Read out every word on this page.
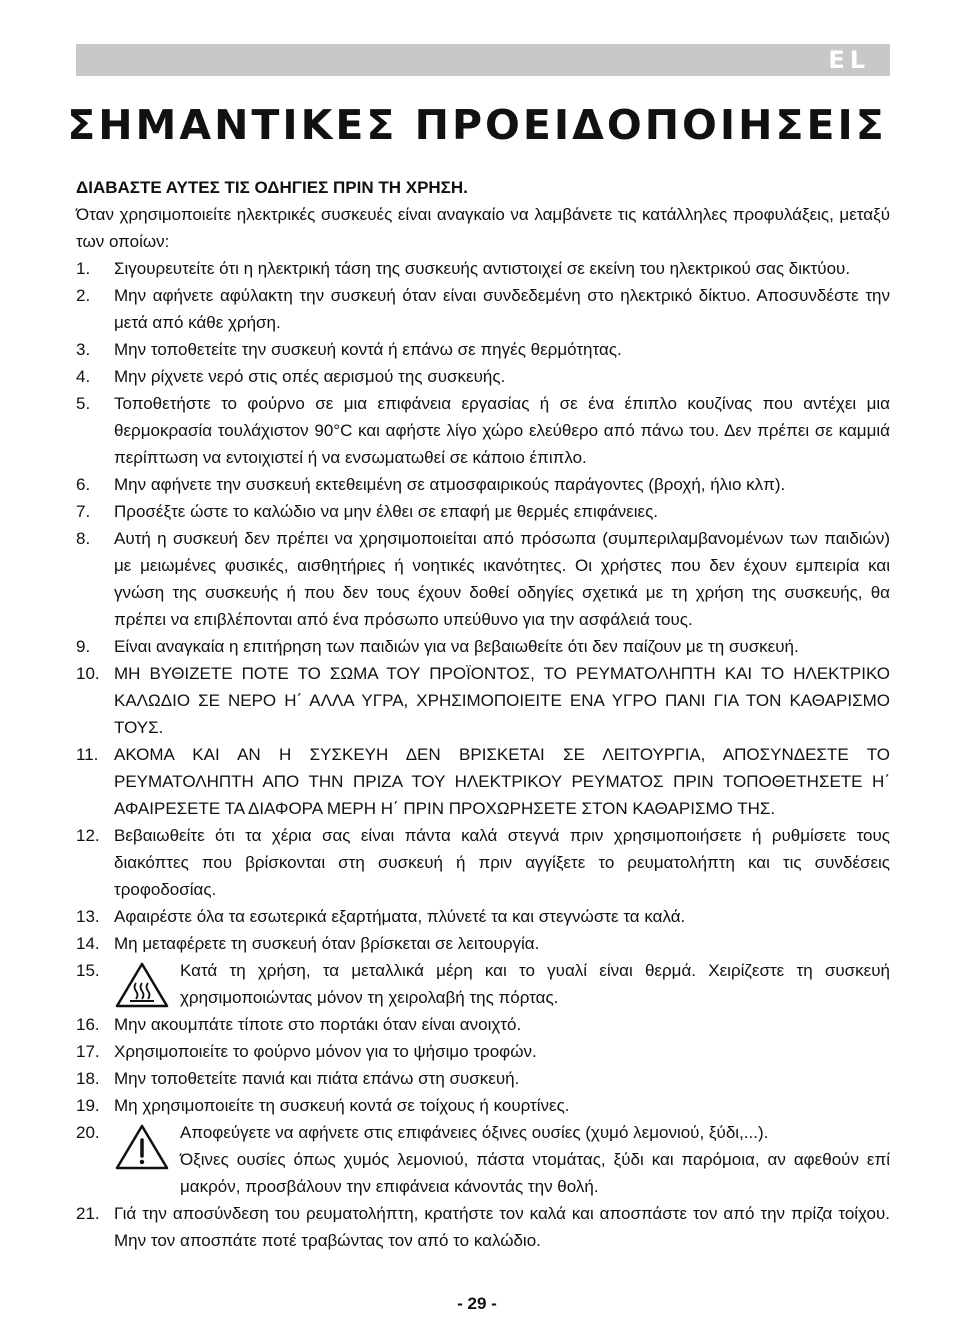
EL
ΣΗΜΑΝΤΙΚΕΣ ΠΡΟΕΙΔΟΠΟΙΗΣΕΙΣ
ΔΙΑΒΑΣΤΕ ΑΥΤΕΣ ΤΙΣ ΟΔΗΓΙΕΣ ΠΡΙΝ ΤΗ ΧΡΗΣΗ.
Όταν χρησιμοποιείτε ηλεκτρικές συσκευές είναι αναγκαίο να λαμβάνετε τις κατάλληλες προφυλάξεις, μεταξύ των οποίων:
1.	Σιγουρευτείτε ότι η ηλεκτρική τάση της συσκευής αντιστοιχεί σε εκείνη του ηλεκτρικού σας δικτύου.
2.	Μην αφήνετε αφύλακτη την συσκευή όταν είναι συνδεδεμένη στο ηλεκτρικό δίκτυο. Αποσυνδέστε την μετά από κάθε χρήση.
3.	Μην τοποθετείτε την συσκευή κοντά ή επάνω σε πηγές θερμότητας.
4.	Μην ρίχνετε νερό στις οπές αερισμού της συσκευής.
5.	Τοποθετήστε το φούρνο σε μια επιφάνεια εργασίας ή σε ένα έπιπλο κουζίνας που αντέχει μια θερμοκρασία τουλάχιστον 90°C και αφήστε λίγο χώρο ελεύθερο από πάνω του. Δεν πρέπει σε καμμιά περίπτωση να εντοιχιστεί ή να ενσωματωθεί σε κάποιο έπιπλο.
6.	Μην αφήνετε την συσκευή εκτεθειμένη σε ατμοσφαιρικούς παράγοντες (βροχή, ήλιο κλπ).
7.	Προσέξτε ώστε το καλώδιο να μην έλθει σε επαφή με θερμές επιφάνειες.
8.	Αυτή η συσκευή δεν πρέπει να χρησιμοποιείται από πρόσωπα (συμπεριλαμβανομένων των παιδιών) με μειωμένες φυσικές, αισθητήριες ή νοητικές ικανότητες. Οι χρήστες που δεν έχουν εμπειρία και γνώση της συσκευής ή που δεν τους έχουν δοθεί οδηγίες σχετικά με τη χρήση της συσκευής, θα πρέπει να επιβλέπονται από ένα πρόσωπο υπεύθυνο για την ασφάλειά τους.
9.	Είναι αναγκαία η επιτήρηση των παιδιών για να βεβαιωθείτε ότι δεν παίζουν με τη συσκευή.
10. ΜΗ ΒΥΘΙΖΕΤΕ ΠΟΤΕ ΤΟ ΣΩΜΑ ΤΟΥ ΠΡΟΪΟΝΤΟΣ, ΤΟ ΡΕΥΜΑΤΟΛΗΠΤΗ ΚΑΙ ΤΟ ΗΛΕΚΤΡΙΚΟ ΚΑΛΩΔΙΟ ΣΕ ΝΕΡΟ Η΄ ΑΛΛΑ ΥΓΡΑ, ΧΡΗΣΙΜΟΠΟΙΕΙΤΕ ΕΝΑ ΥΓΡΟ ΠΑΝΙ ΓΙΑ ΤΟΝ ΚΑΘΑΡΙΣΜΟ ΤΟΥΣ.
11. ΑΚΟΜΑ ΚΑΙ ΑΝ Η ΣΥΣΚΕΥΗ ΔΕΝ ΒΡΙΣΚΕΤΑΙ ΣΕ ΛΕΙΤΟΥΡΓΙΑ, ΑΠΟΣΥΝΔΕΣΤΕ ΤΟ ΡΕΥΜΑΤΟΛΗΠΤΗ ΑΠΟ ΤΗΝ ΠΡΙΖΑ ΤΟΥ ΗΛΕΚΤΡΙΚΟΥ ΡΕΥΜΑΤΟΣ ΠΡΙΝ ΤΟΠΟΘΕΤΗΣΕΤΕ Η΄ ΑΦΑΙΡΕΣΕΤΕ ΤΑ ΔΙΑΦΟΡΑ ΜΕΡΗ Η΄ ΠΡΙΝ ΠΡΟΧΩΡΗΣΕΤΕ ΣΤΟΝ ΚΑΘΑΡΙΣΜΟ ΤΗΣ.
12. Βεβαιωθείτε ότι τα χέρια σας είναι πάντα καλά στεγνά πριν χρησιμοποιήσετε ή ρυθμίσετε τους διακόπτες που βρίσκονται στη συσκευή ή πριν αγγίξετε το ρευματολήπτη και τις συνδέσεις τροφοδοσίας.
13. Αφαιρέστε όλα τα εσωτερικά εξαρτήματα, πλύνετέ τα και στεγνώστε τα καλά.
14. Μη μεταφέρετε τη συσκευή όταν βρίσκεται σε λειτουργία.
15.	Κατά τη χρήση, τα μεταλλικά μέρη και το γυαλί είναι θερμά. Χειρίζεστε τη συσκευή χρησιμοποιώντας μόνον τη χειρολαβή της πόρτας.
16. Μην ακουμπάτε τίποτε στο πορτάκι όταν είναι ανοιχτό.
17. Χρησιμοποιείτε το φούρνο μόνον για το ψήσιμο τροφών.
18. Μην τοποθετείτε πανιά και πιάτα επάνω στη συσκευή.
19. Μη χρησιμοποιείτε τη συσκευή κοντά σε τοίχους ή κουρτίνες.
20.	Αποφεύγετε να αφήνετε στις επιφάνειες όξινες ουσίες (χυμό λεμονιού, ξύδι,...).
Όξινες ουσίες όπως χυμός λεμονιού, πάστα ντομάτας, ξύδι και παρόμοια, αν αφεθούν επί μακρόν, προσβάλουν την επιφάνεια κάνοντάς την θολή.
21. Γιά την αποσύνδεση του ρευματολήπτη, κρατήστε τον καλά και αποσπάστε τον από την πρίζα τοίχου. Μην τον αποσπάτε ποτέ τραβώντας τον από το καλώδιο.
- 29 -
